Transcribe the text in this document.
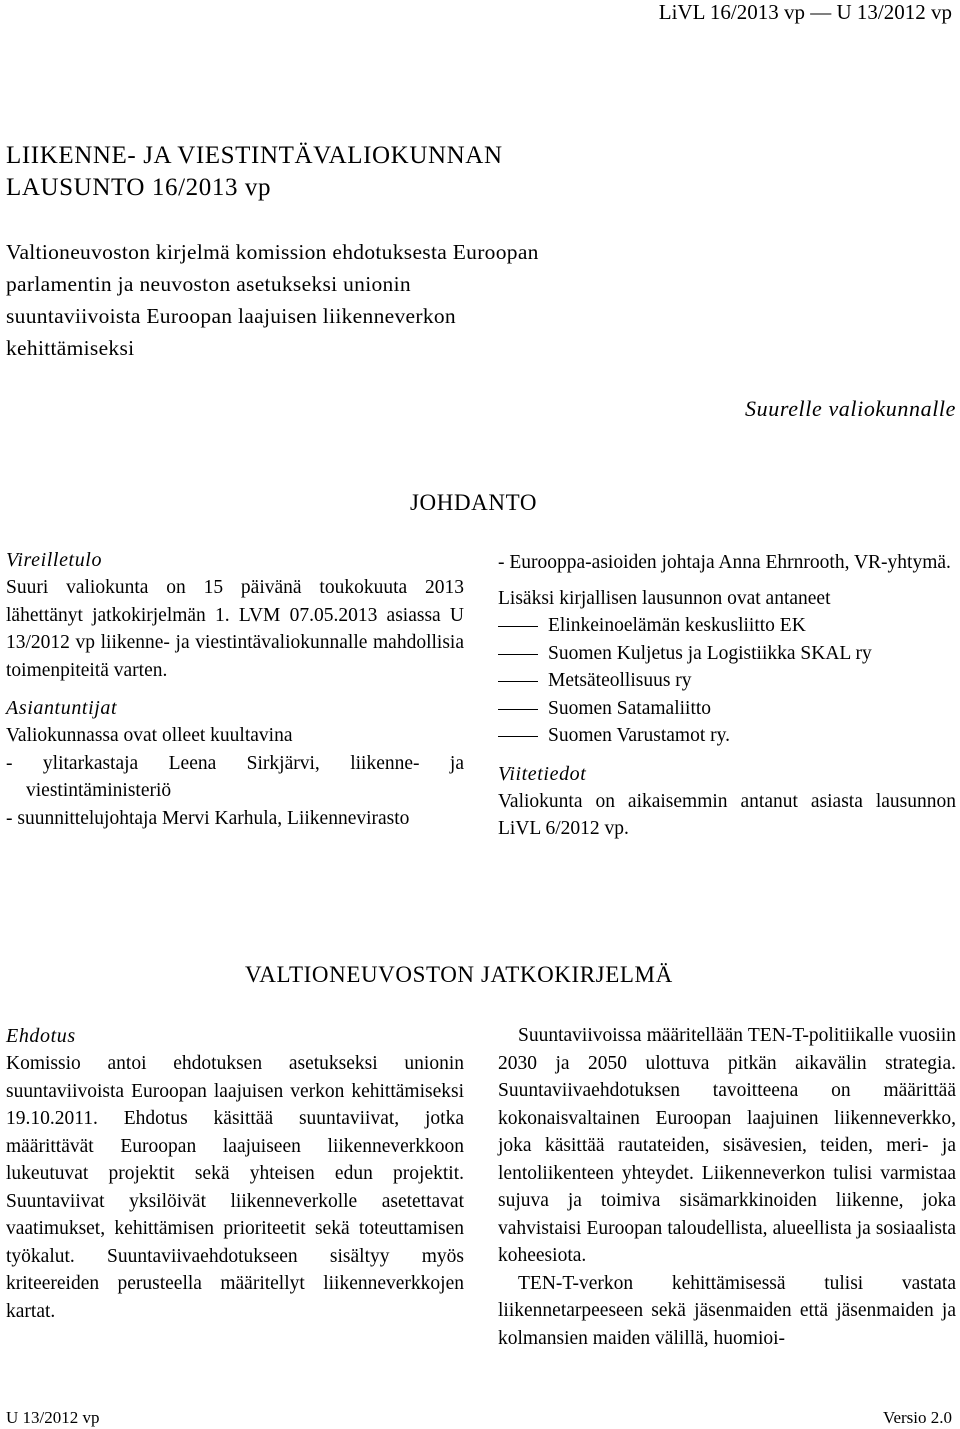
LiVL 16/2013 vp — U 13/2012 vp
LIIKENNE- JA VIESTINTÄVALIOKUNNAN
LAUSUNTO 16/2013 vp
Valtioneuvoston kirjelmä komission ehdotuksesta Euroopan parlamentin ja neuvoston asetukseksi unionin suuntaviivoista Euroopan laajuisen liikenneverkon kehittämiseksi
Suurelle valiokunnalle
JOHDANTO

Vireilletulo

Suuri valiokunta on 15 päivänä toukokuuta 2013 lähettänyt jatkokirjelmän 1. LVM 07.05.2013 asiassa U 13/2012 vp liikenne- ja viestintävaliokunnalle mahdollisia toimenpiteitä varten.

Asiantuntijat

Valiokunnassa ovat olleet kuultavina

- ylitarkastaja Leena Sirkjärvi, liikenne- ja viestintäministeriö

- suunnittelujohtaja Mervi Karhula, Liikennevirasto

- Eurooppa-asioiden johtaja Anna Ehrnrooth, VR-yhtymä.

Lisäksi kirjallisen lausunnon ovat antaneet

Elinkeinoelämän keskusliitto EK
Suomen Kuljetus ja Logistiikka SKAL ry
Metsäteollisuus ry
Suomen Satamaliitto
Suomen Varustamot ry.

Viitetiedot

Valiokunta on aikaisemmin antanut asiasta lausunnon LiVL 6/2012 vp.

VALTIONEUVOSTON JATKOKIRJELMÄ

Ehdotus

Komissio antoi ehdotuksen asetukseksi unionin suuntaviivoista Euroopan laajuisen verkon kehittämiseksi 19.10.2011. Ehdotus käsittää suuntaviivat, jotka määrittävät Euroopan laajuiseen liikenneverkkoon lukeutuvat projektit sekä yhteisen edun projektit. Suuntaviivat yksilöivät liikenneverkolle asetettavat vaatimukset, kehittämisen prioriteetit sekä toteuttamisen työkalut. Suuntaviivaehdotukseen sisältyy myös kriteereiden perusteella määritellyt liikenneverkkojen kartat.

Suuntaviivoissa määritellään TEN-T-politiikalle vuosiin 2030 ja 2050 ulottuva pitkän aikavälin strategia. Suuntaviivaehdotuksen tavoitteena on määrittää kokonaisvaltainen Euroopan laajuinen liikenneverkko, joka käsittää rautateiden, sisävesien, teiden, meri- ja lentoliikenteen yhteydet. Liikenneverkon tulisi varmistaa sujuva ja toimiva sisämarkkinoiden liikenne, joka vahvistaisi Euroopan taloudellista, alueellista ja sosiaalista koheesiota.

TEN-T-verkon kehittämisessä tulisi vastata liikennetarpeeseen sekä jäsenmaiden että jäsenmaiden ja kolmansien maiden välillä, huomioi-

U 13/2012 vp	Versio 2.0
